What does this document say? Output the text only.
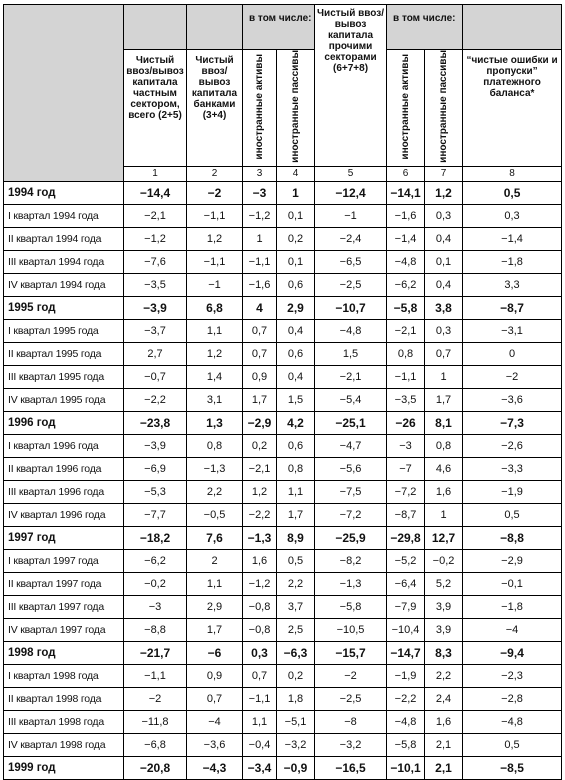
			в том числе:		Чистый ввоз/вывоз капитала прочими секторами (6+7+8)	в том числе:		
	Чистый ввоз/вывоз капитала частным сектором, всего (2+5)	Чистый ввоз/ вывоз капитала банками (3+4)	иностранные активы	иностранные пассивы		иностранные активы	иностранные пассивы	“чистые ошибки и пропуски” платежного баланса*
	1	2	3	4	5	6	7	8
1994 год	−14,4	−2	−3	1	−12,4	−14,1	1,2	0,5
I квартал 1994 года	−2,1	−1,1	−1,2	0,1	−1	−1,6	0,3	0,3
II квартал 1994 года	−1,2	1,2	1	0,2	−2,4	−1,4	0,4	−1,4
III квартал 1994 года	−7,6	−1,1	−1,1	0,1	−6,5	−4,8	0,1	−1,8
IV квартал 1994 года	−3,5	−1	−1,6	0,6	−2,5	−6,2	0,4	3,3
1995 год	−3,9	6,8	4	2,9	−10,7	−5,8	3,8	−8,7
I квартал 1995 года	−3,7	1,1	0,7	0,4	−4,8	−2,1	0,3	−3,1
II квартал 1995 года	2,7	1,2	0,7	0,6	1,5	0,8	0,7	0
III квартал 1995 года	−0,7	1,4	0,9	0,4	−2,1	−1,1	1	−2
IV квартал 1995 года	−2,2	3,1	1,7	1,5	−5,4	−3,5	1,7	−3,6
1996 год	−23,8	1,3	−2,9	4,2	−25,1	−26	8,1	−7,3
I квартал 1996 года	−3,9	0,8	0,2	0,6	−4,7	−3	0,8	−2,6
II квартал 1996 года	−6,9	−1,3	−2,1	0,8	−5,6	−7	4,6	−3,3
III квартал 1996 года	−5,3	2,2	1,2	1,1	−7,5	−7,2	1,6	−1,9
IV квартал 1996 года	−7,7	−0,5	−2,2	1,7	−7,2	−8,7	1	0,5
1997 год	−18,2	7,6	−1,3	8,9	−25,9	−29,8	12,7	−8,8
I квартал 1997 года	−6,2	2	1,6	0,5	−8,2	−5,2	−0,2	−2,9
II квартал 1997 года	−0,2	1,1	−1,2	2,2	−1,3	−6,4	5,2	−0,1
III квартал 1997 года	−3	2,9	−0,8	3,7	−5,8	−7,9	3,9	−1,8
IV квартал 1997 года	−8,8	1,7	−0,8	2,5	−10,5	−10,4	3,9	−4
1998 год	−21,7	−6	0,3	−6,3	−15,7	−14,7	8,3	−9,4
I квартал 1998 года	−1,1	0,9	0,7	0,2	−2	−1,9	2,2	−2,3
II квартал 1998 года	−2	0,7	−1,1	1,8	−2,5	−2,2	2,4	−2,8
III квартал 1998 года	−11,8	−4	1,1	−5,1	−8	−4,8	1,6	−4,8
IV квартал 1998 года	−6,8	−3,6	−0,4	−3,2	−3,2	−5,8	2,1	0,5
1999 год	−20,8	−4,3	−3,4	−0,9	−16,5	−10,1	2,1	−8,5
